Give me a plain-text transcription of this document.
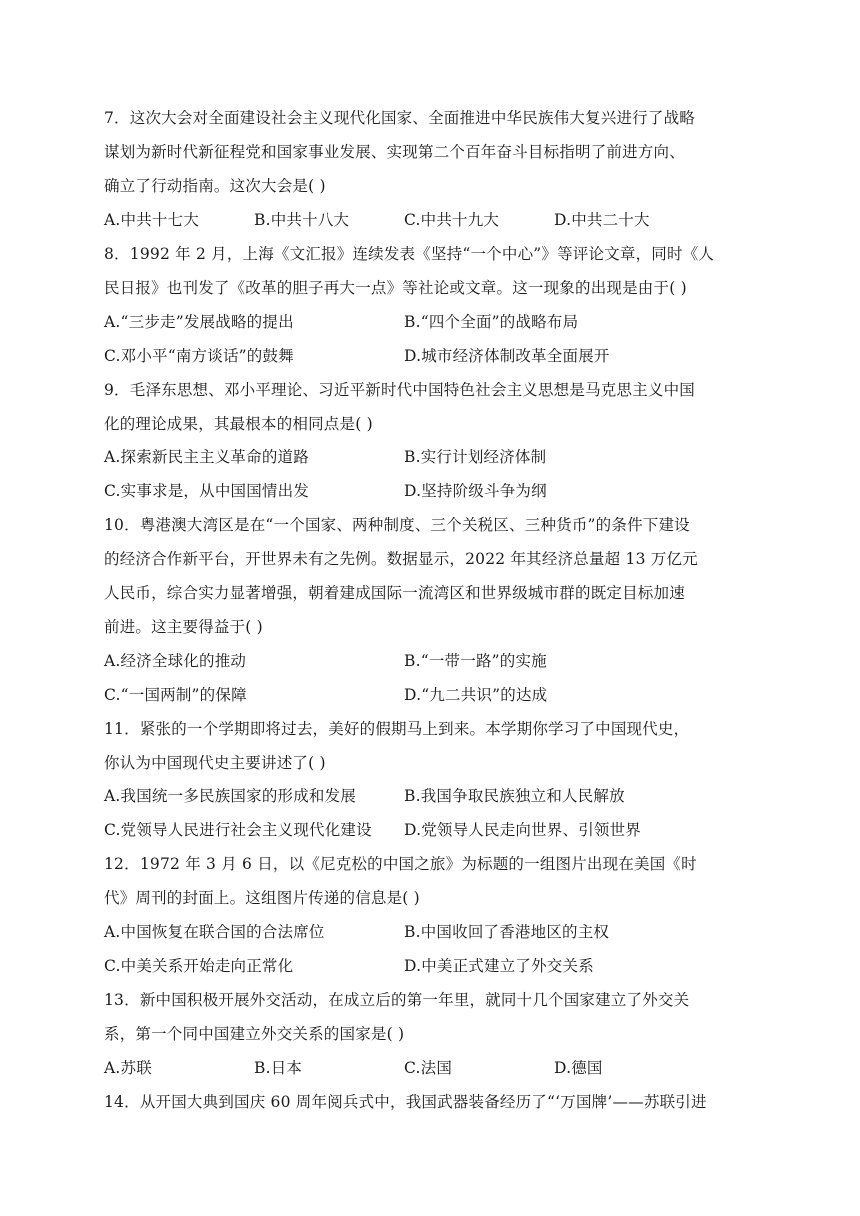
7．这次大会对全面建设社会主义现代化国家、全面推进中华民族伟大复兴进行了战略
谋划为新时代新征程党和国家事业发展、实现第二个百年奋斗目标指明了前进方向、
确立了行动指南。这次大会是( )
A.中共十七大	B.中共十八大	C.中共十九大	D.中共二十大
8．1992 年 2 月，上海《文汇报》连续发表《坚持“一个中心”》等评论文章，同时《人
民日报》也刊发了《改革的胆子再大一点》等社论或文章。这一现象的出现是由于( )
A.“三步走”发展战略的提出	B.“四个全面”的战略布局
C.邓小平“南方谈话”的鼓舞	D.城市经济体制改革全面展开
9．毛泽东思想、邓小平理论、习近平新时代中国特色社会主义思想是马克思主义中国
化的理论成果，其最根本的相同点是( )
A.探索新民主主义革命的道路	B.实行计划经济体制
C.实事求是，从中国国情出发	D.坚持阶级斗争为纲
10．粤港澳大湾区是在“一个国家、两种制度、三个关税区、三种货币”的条件下建设
的经济合作新平台，开世界未有之先例。数据显示，2022 年其经济总量超 13 万亿元
人民币，综合实力显著增强，朝着建成国际一流湾区和世界级城市群的既定目标加速
前进。这主要得益于( )
A.经济全球化的推动	B.“一带一路”的实施
C.“一国两制”的保障	D.“九二共识”的达成
11．紧张的一个学期即将过去，美好的假期马上到来。本学期你学习了中国现代史，
你认为中国现代史主要讲述了( )
A.我国统一多民族国家的形成和发展	B.我国争取民族独立和人民解放
C.党领导人民进行社会主义现代化建设 D.党领导人民走向世界、引领世界
12．1972 年 3 月 6 日，以《尼克松的中国之旅》为标题的一组图片出现在美国《时
代》周刊的封面上。这组图片传递的信息是( )
A.中国恢复在联合国的合法席位	B.中国收回了香港地区的主权
C.中美关系开始走向正常化	D.中美正式建立了外交关系
13．新中国积极开展外交活动，在成立后的第一年里，就同十几个国家建立了外交关
系，第一个同中国建立外交关系的国家是( )
A.苏联	B.日本	C.法国	D.德国
14．从开国大典到国庆 60 周年阅兵式中，我国武器装备经历了“‘万国牌’——苏联引进
